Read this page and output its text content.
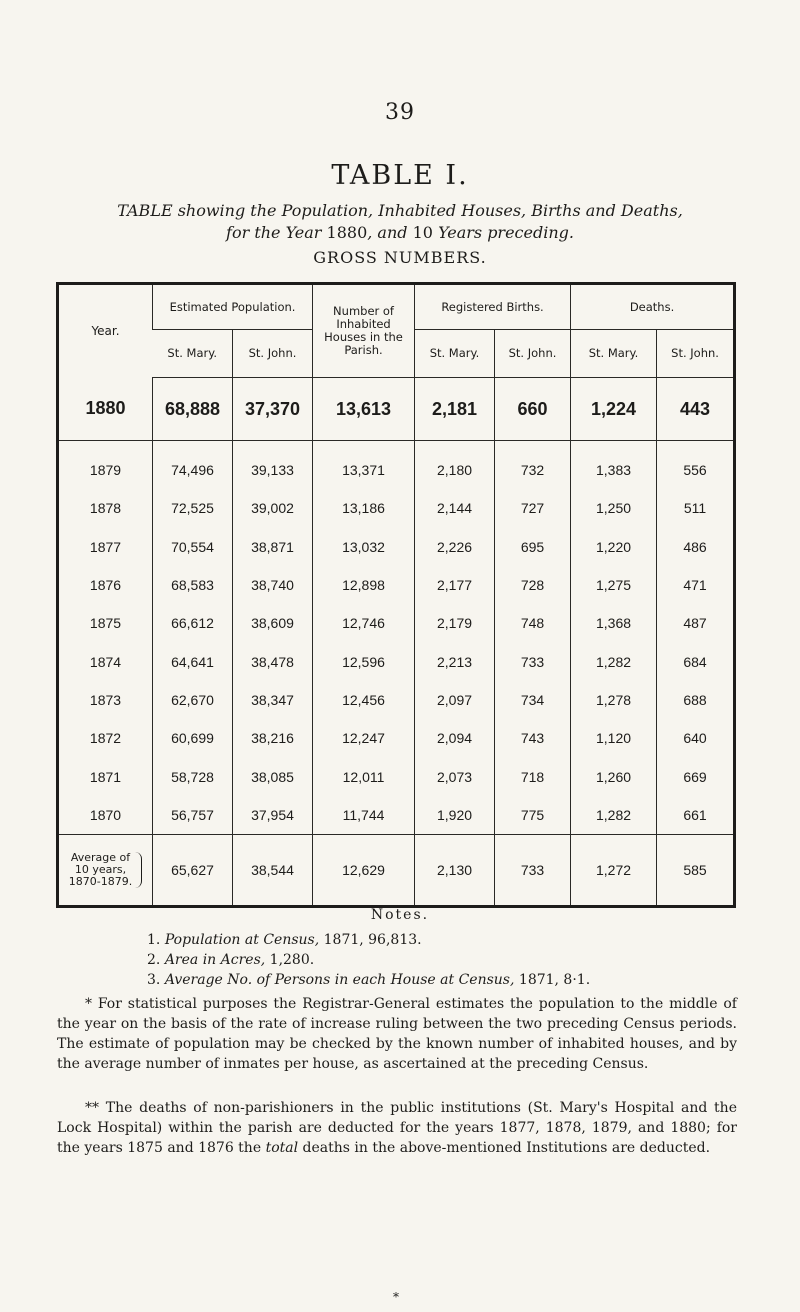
39
TABLE I.
TABLE showing the Population, Inhabited Houses, Births and Deaths,
for the Year 1880, and 10 Years preceding.
GROSS NUMBERS.
Year.	Estimated Population.		Number of Inhabited Houses in the Parish.	Registered Births.		Deaths.	
	St. Mary.	St. John.		St. Mary.	St. John.	St. Mary.	St. John.
1880	68,888	37,370	13,613	2,181	660	1,224	443
1879	74,496	39,133	13,371	2,180	732	1,383	556
1878	72,525	39,002	13,186	2,144	727	1,250	511
1877	70,554	38,871	13,032	2,226	695	1,220	486
1876	68,583	38,740	12,898	2,177	728	1,275	471
1875	66,612	38,609	12,746	2,179	748	1,368	487
1874	64,641	38,478	12,596	2,213	733	1,282	684
1873	62,670	38,347	12,456	2,097	734	1,278	688
1872	60,699	38,216	12,247	2,094	743	1,120	640
1871	58,728	38,085	12,011	2,073	718	1,260	669
1870	56,757	37,954	11,744	1,920	775	1,282	661
Average of
10 years,
1870-1879.	65,627	38,544	12,629	2,130	733	1,272	585
Notes.
1. Population at Census, 1871, 96,813.
2. Area in Acres, 1,280.
3. Average No. of Persons in each House at Census, 1871, 8·1.

* For statistical purposes the Registrar-General estimates the population to the middle of the year on the basis of the rate of increase ruling between the two preceding Census periods. The estimate of population may be checked by the known number of inhabited houses, and by the average number of inmates per house, as ascertained at the preceding Census.

** The deaths of non-parishioners in the public institutions (St. Mary's Hospital and the Lock Hospital) within the parish are deducted for the years 1877, 1878, 1879, and 1880; for the years 1875 and 1876 the total deaths in the above-mentioned Institutions are deducted.

*
